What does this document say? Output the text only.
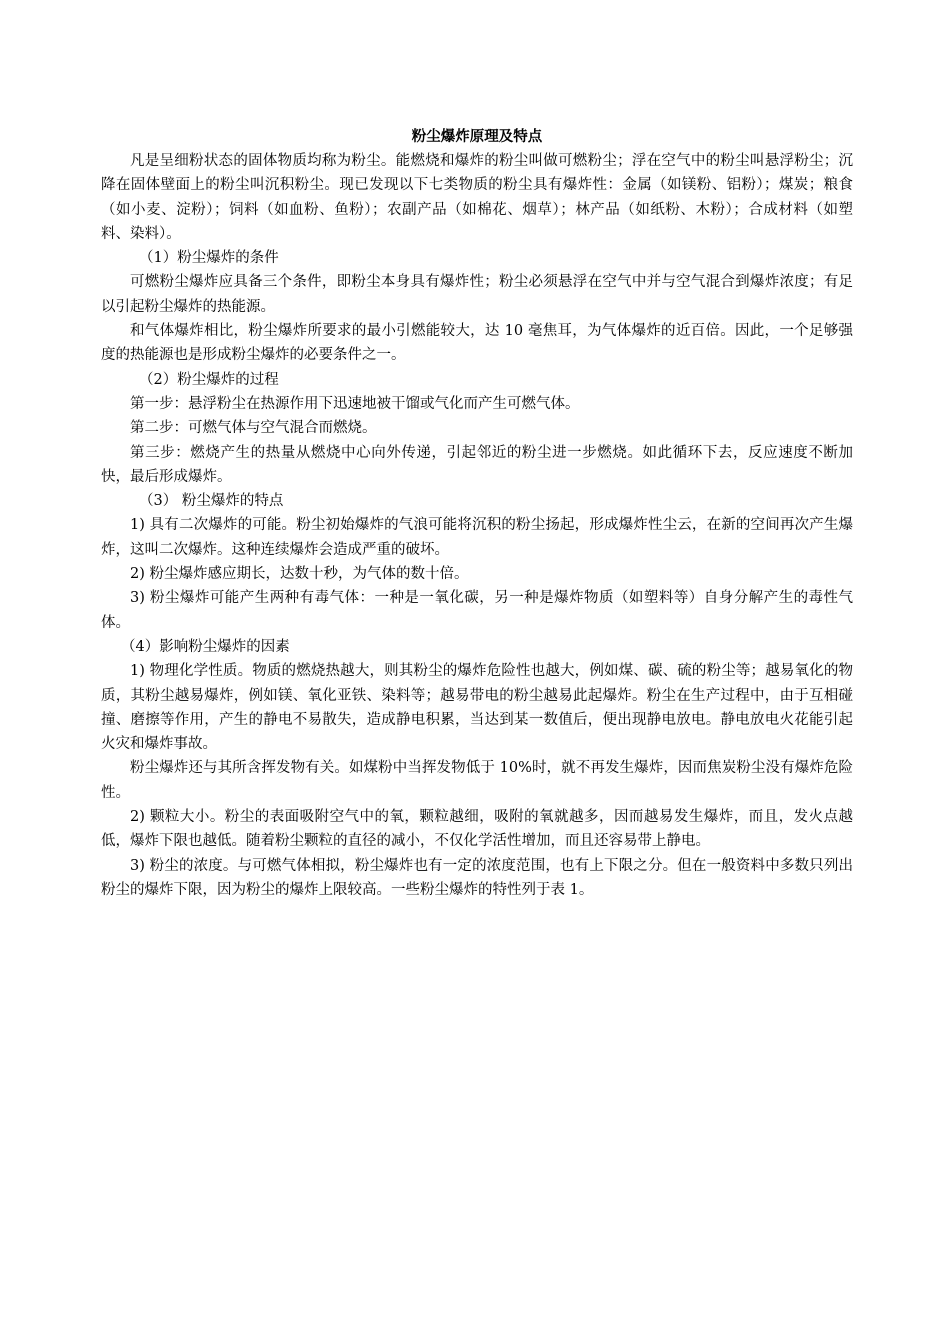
粉尘爆炸原理及特点

凡是呈细粉状态的固体物质均称为粉尘。能燃烧和爆炸的粉尘叫做可燃粉尘；浮在空气中的粉尘叫悬浮粉尘；沉降在固体壁面上的粉尘叫沉积粉尘。现已发现以下七类物质的粉尘具有爆炸性：金属（如镁粉、铝粉）；煤炭；粮食（如小麦、淀粉）；饲料（如血粉、鱼粉）；农副产品（如棉花、烟草）；林产品（如纸粉、木粉）；合成材料（如塑料、染料）。

（1）粉尘爆炸的条件

可燃粉尘爆炸应具备三个条件，即粉尘本身具有爆炸性；粉尘必须悬浮在空气中并与空气混合到爆炸浓度；有足以引起粉尘爆炸的热能源。

和气体爆炸相比，粉尘爆炸所要求的最小引燃能较大，达 10 毫焦耳，为气体爆炸的近百倍。因此，一个足够强度的热能源也是形成粉尘爆炸的必要条件之一。

（2）粉尘爆炸的过程

第一步：悬浮粉尘在热源作用下迅速地被干馏或气化而产生可燃气体。

第二步：可燃气体与空气混合而燃烧。

第三步：燃烧产生的热量从燃烧中心向外传递，引起邻近的粉尘进一步燃烧。如此循环下去，反应速度不断加快，最后形成爆炸。

（3） 粉尘爆炸的特点

1) 具有二次爆炸的可能。粉尘初始爆炸的气浪可能将沉积的粉尘扬起，形成爆炸性尘云，在新的空间再次产生爆炸，这叫二次爆炸。这种连续爆炸会造成严重的破坏。

2) 粉尘爆炸感应期长，达数十秒，为气体的数十倍。

3) 粉尘爆炸可能产生两种有毒气体：一种是一氧化碳，另一种是爆炸物质（如塑料等）自身分解产生的毒性气体。

（4）影响粉尘爆炸的因素

1) 物理化学性质。物质的燃烧热越大，则其粉尘的爆炸危险性也越大，例如煤、碳、硫的粉尘等；越易氧化的物质，其粉尘越易爆炸，例如镁、氧化亚铁、染料等；越易带电的粉尘越易此起爆炸。粉尘在生产过程中，由于互相碰撞、磨擦等作用，产生的静电不易散失，造成静电积累，当达到某一数值后，便出现静电放电。静电放电火花能引起火灾和爆炸事故。

粉尘爆炸还与其所含挥发物有关。如煤粉中当挥发物低于 10%时，就不再发生爆炸，因而焦炭粉尘没有爆炸危险性。

2) 颗粒大小。粉尘的表面吸附空气中的氧，颗粒越细，吸附的氧就越多，因而越易发生爆炸，而且，发火点越低，爆炸下限也越低。随着粉尘颗粒的直径的减小，不仅化学活性增加，而且还容易带上静电。

3) 粉尘的浓度。与可燃气体相拟，粉尘爆炸也有一定的浓度范围，也有上下限之分。但在一般资料中多数只列出粉尘的爆炸下限，因为粉尘的爆炸上限较高。一些粉尘爆炸的特性列于表 1。
